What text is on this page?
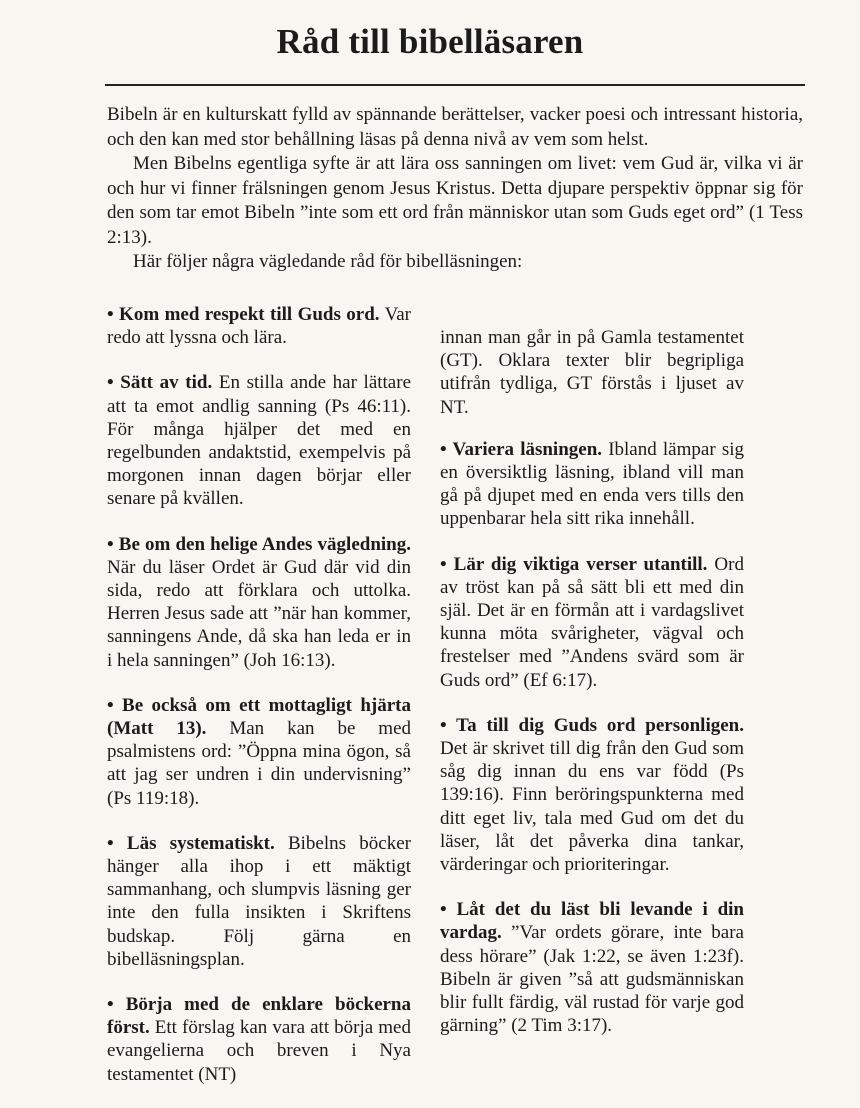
Råd till bibelläsaren

Bibeln är en kulturskatt fylld av spännande berättelser, vacker poesi och intressant historia, och den kan med stor behållning läsas på denna nivå av vem som helst.

Men Bibelns egentliga syfte är att lära oss sanningen om livet: vem Gud är, vilka vi är och hur vi finner frälsningen genom Jesus Kristus. Detta djupare perspektiv öppnar sig för den som tar emot Bibeln ”inte som ett ord från människor utan som Guds eget ord” (1 Tess 2:13).

Här följer några vägledande råd för bibelläsningen:

• Kom med respekt till Guds ord. Var redo att lyssna och lära.

• Sätt av tid. En stilla ande har lättare att ta emot andlig sanning (Ps 46:11). För många hjälper det med en regelbunden andaktstid, exempelvis på morgonen innan dagen börjar eller senare på kvällen.

• Be om den helige Andes vägledning. När du läser Ordet är Gud där vid din sida, redo att förklara och uttolka. Herren Jesus sade att ”när han kommer, sanningens Ande, då ska han leda er in i hela sanningen” (Joh 16:13).

• Be också om ett mottagligt hjärta (Matt 13). Man kan be med psalmistens ord: ”Öppna mina ögon, så att jag ser undren i din undervisning” (Ps 119:18).

• Läs systematiskt. Bibelns böcker hänger alla ihop i ett mäktigt sammanhang, och slumpvis läsning ger inte den fulla insikten i Skriftens budskap. Följ gärna en bibelläsningsplan.

• Börja med de enklare böckerna först. Ett förslag kan vara att börja med evangelierna och breven i Nya testamentet (NT)

innan man går in på Gamla testamentet (GT). Oklara texter blir begripliga utifrån tydliga, GT förstås i ljuset av NT.

• Variera läsningen. Ibland lämpar sig en översiktlig läsning, ibland vill man gå på djupet med en enda vers tills den uppenbarar hela sitt rika innehåll.

• Lär dig viktiga verser utantill. Ord av tröst kan på så sätt bli ett med din själ. Det är en förmån att i vardagslivet kunna möta svårigheter, vägval och frestelser med ”Andens svärd som är Guds ord” (Ef 6:17).

• Ta till dig Guds ord personligen. Det är skrivet till dig från den Gud som såg dig innan du ens var född (Ps 139:16). Finn beröringspunkterna med ditt eget liv, tala med Gud om det du läser, låt det påverka dina tankar, värderingar och prioriteringar.

• Låt det du läst bli levande i din vardag. ”Var ordets görare, inte bara dess hörare” (Jak 1:22, se även 1:23f). Bibeln är given ”så att gudsmänniskan blir fullt färdig, väl rustad för varje god gärning” (2 Tim 3:17).
